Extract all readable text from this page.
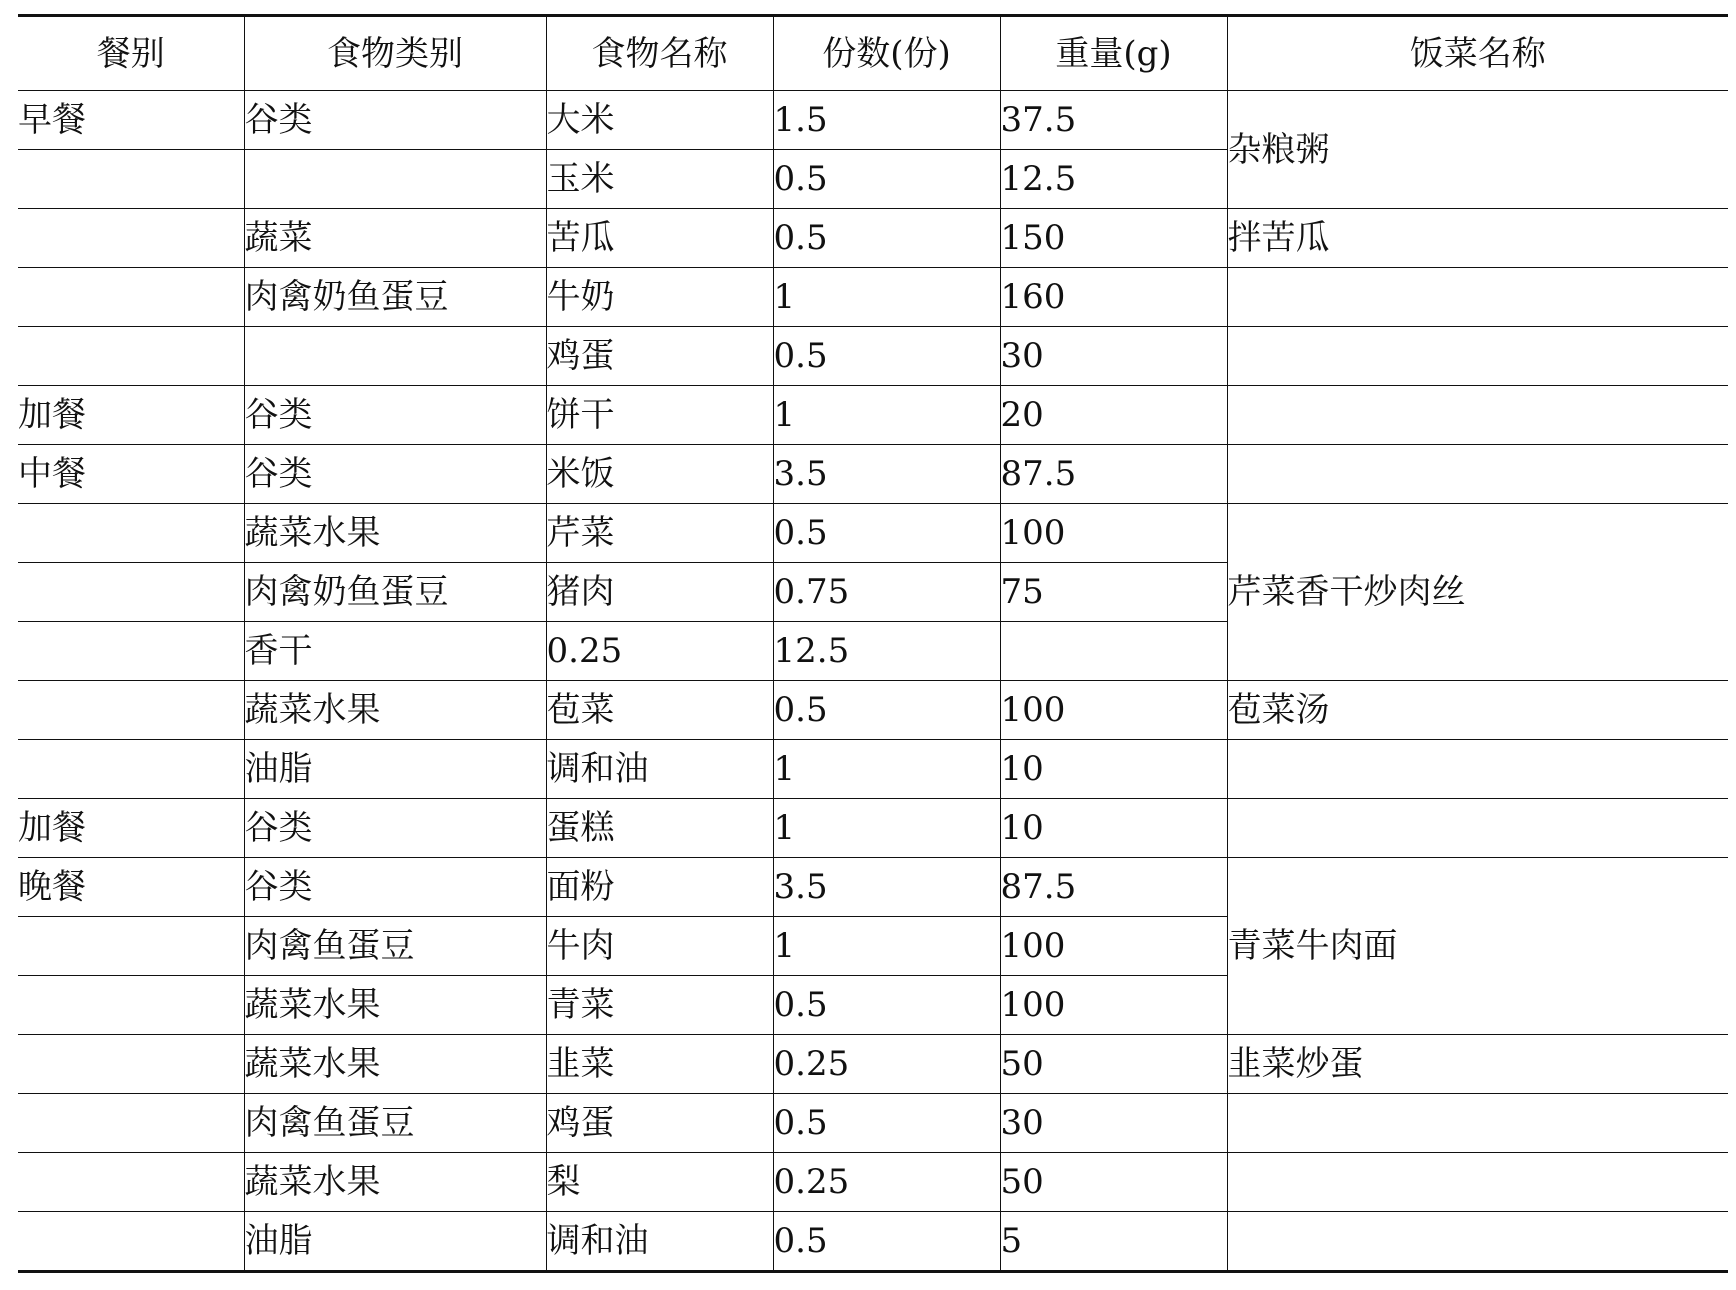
餐别	食物类别	食物名称	份数(份)	重量(g)	饭菜名称
早餐	谷类	大米	1.5	37.5	杂粮粥
		玉米	0.5	12.5	
	蔬菜	苦瓜	0.5	150	拌苦瓜
	肉禽奶鱼蛋豆	牛奶	1	160	
		鸡蛋	0.5	30	
加餐	谷类	饼干	1	20	
中餐	谷类	米饭	3.5	87.5	
	蔬菜水果	芹菜	0.5	100	芹菜香干炒肉丝
	肉禽奶鱼蛋豆	猪肉	0.75	75	
	香干	0.25	12.5		
	蔬菜水果	苞菜	0.5	100	苞菜汤
	油脂	调和油	1	10	
加餐	谷类	蛋糕	1	10	
晚餐	谷类	面粉	3.5	87.5	青菜牛肉面
	肉禽鱼蛋豆	牛肉	1	100	
	蔬菜水果	青菜	0.5	100	
	蔬菜水果	韭菜	0.25	50	韭菜炒蛋
	肉禽鱼蛋豆	鸡蛋	0.5	30	
	蔬菜水果	梨	0.25	50	
	油脂	调和油	0.5	5	
